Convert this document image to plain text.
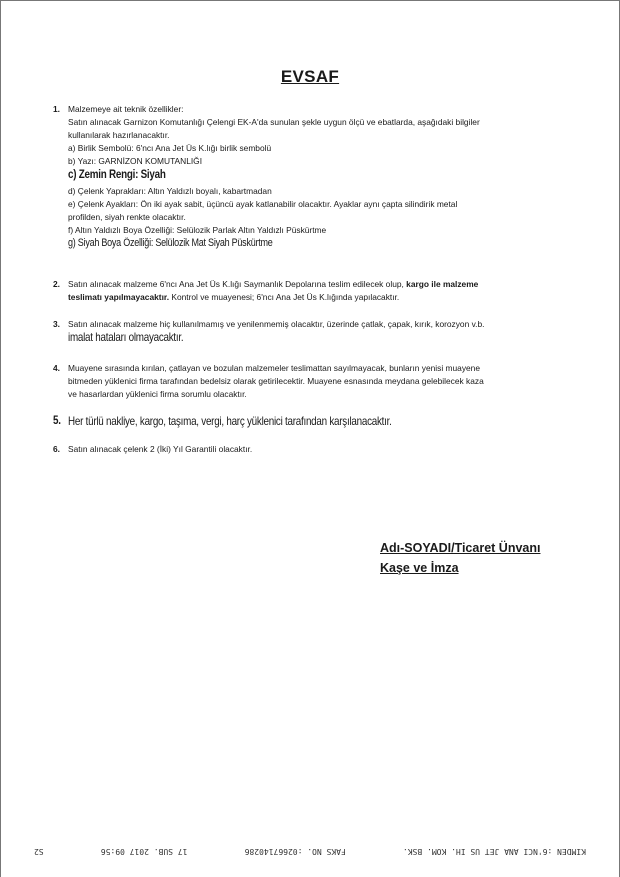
EVSAF
1. Malzemeye ait teknik özellikler:
Satın alınacak Garnizon Komutanlığı Çelengi EK-A'da sunulan şekle uygun ölçü ve ebatlarda, aşağıdaki bilgiler
kullanılarak hazırlanacaktır.
a) Birlik Sembolü: 6'ncı Ana Jet Üs K.lığı birlik sembolü
b) Yazı: GARNİZON KOMUTANLIĞI
c) Zemin Rengi: Siyah
d) Çelenk Yaprakları: Altın Yaldızlı boyalı, kabartmadan
e) Çelenk Ayakları: Ön iki ayak sabit, üçüncü ayak katlanabilir olacaktır. Ayaklar aynı çapta silindirik metal
profilden, siyah renkte olacaktır.
f) Altın Yaldızlı Boya Özelliği: Selülozik Parlak Altın Yaldızlı Püskürtme
g) Siyah Boya Özelliği: Selülozik Mat Siyah Püskürtme
2. Satın alınacak malzeme 6'ncı Ana Jet Üs K.lığı Saymanlık Depolarına teslim edilecek olup, kargo ile malzeme
teslimatı yapılmayacaktır. Kontrol ve muayenesi; 6'ncı Ana Jet Üs K.lığında yapılacaktır.
3. Satın alınacak malzeme hiç kullanılmamış ve yenilenmemiş olacaktır, üzerinde çatlak, çapak, kırık, korozyon v.b.
imalat hataları olmayacaktır.
4. Muayene sırasında kırılan, çatlayan ve bozulan malzemeler teslimattan sayılmayacak, bunların yenisi muayene
bitmeden yüklenici firma tarafından bedelsiz olarak getirilecektir. Muayene esnasında meydana gelebilecek kaza
ve hasarlardan yüklenici firma sorumlu olacaktır.
5. Her türlü nakliye, kargo, taşıma, vergi, harç yüklenici tarafından karşılanacaktır.
6. Satın alınacak çelenk 2 (İki) Yıl Garantili olacaktır.
Adı-SOYADI/Ticaret Ünvanı
Kaşe ve İmza
KIMDEN :6'NCI ANA JET US IH. KOM. BSK.
FAKS NO. :02667140286
17 SUB. 2017 09:56
S2
